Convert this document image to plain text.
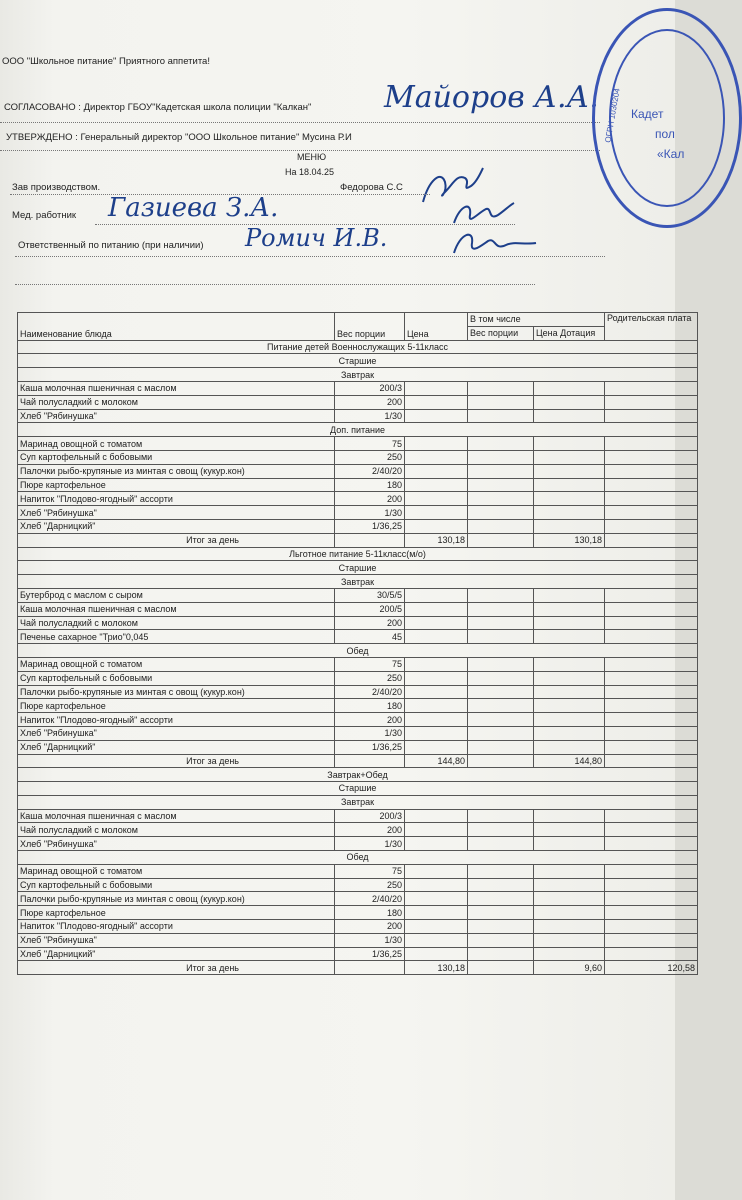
ООО "Школьное питание" Приятного аппетита!
СОГЛАСОВАНО : Директор ГБОУ"Кадетская школа полиции "Калкан" Майоров А.А.
УТВЕРЖДЕНО : Генеральный директор "ООО Школьное питание" Мусина Р.И
МЕНЮ
На 18.04.25
Зав производством.	Федорова С.С
Мед. работник Газиева З.А.
Ответственный по питанию (при наличии) Ромич И.В.
Кадет
пол
«Кал
ОГРН 1030204
Наименование блюда	Вес порции	Цена	В том числе		Родительская плата
			Вес порции	Цена Дотация	
Питание детей Военнослужащих 5-11класс					
Старшие					
Завтрак					
Каша молочная пшеничная с маслом	200/3				
Чай полусладкий с молоком	200				
Хлеб "Рябинушка"	1/30				
Доп. питание					
Маринад овощной с томатом	75				
Суп картофельный с бобовыми	250				
Палочки рыбо-крупяные из минтая с овощ (кукур.кон)	2/40/20				
Пюре картофельное	180				
Напиток "Плодово-ягодный" ассорти	200				
Хлеб "Рябинушка"	1/30				
Хлеб "Дарницкий"	1/36,25				
Итог за день		130,18		130,18	
Льготное питание 5-11класс(м/о)					
Старшие					
Завтрак					
Бутерброд с маслом с сыром	30/5/5				
Каша молочная пшеничная с маслом	200/5				
Чай полусладкий с молоком	200				
Печенье сахарное "Трио"0,045	45				
Обед					
Маринад овощной с томатом	75				
Суп картофельный с бобовыми	250				
Палочки рыбо-крупяные из минтая с овощ (кукур.кон)	2/40/20				
Пюре картофельное	180				
Напиток "Плодово-ягодный" ассорти	200				
Хлеб "Рябинушка"	1/30				
Хлеб "Дарницкий"	1/36,25				
Итог за день		144,80		144,80	
Завтрак+Обед					
Старшие					
Завтрак					
Каша молочная пшеничная с маслом	200/3				
Чай полусладкий с молоком	200				
Хлеб "Рябинушка"	1/30				
Обед					
Маринад овощной с томатом	75				
Суп картофельный с бобовыми	250				
Палочки рыбо-крупяные из минтая с овощ (кукур.кон)	2/40/20				
Пюре картофельное	180				
Напиток "Плодово-ягодный" ассорти	200				
Хлеб "Рябинушка"	1/30				
Хлеб "Дарницкий"	1/36,25				
Итог за день		130,18		9,60	120,58
